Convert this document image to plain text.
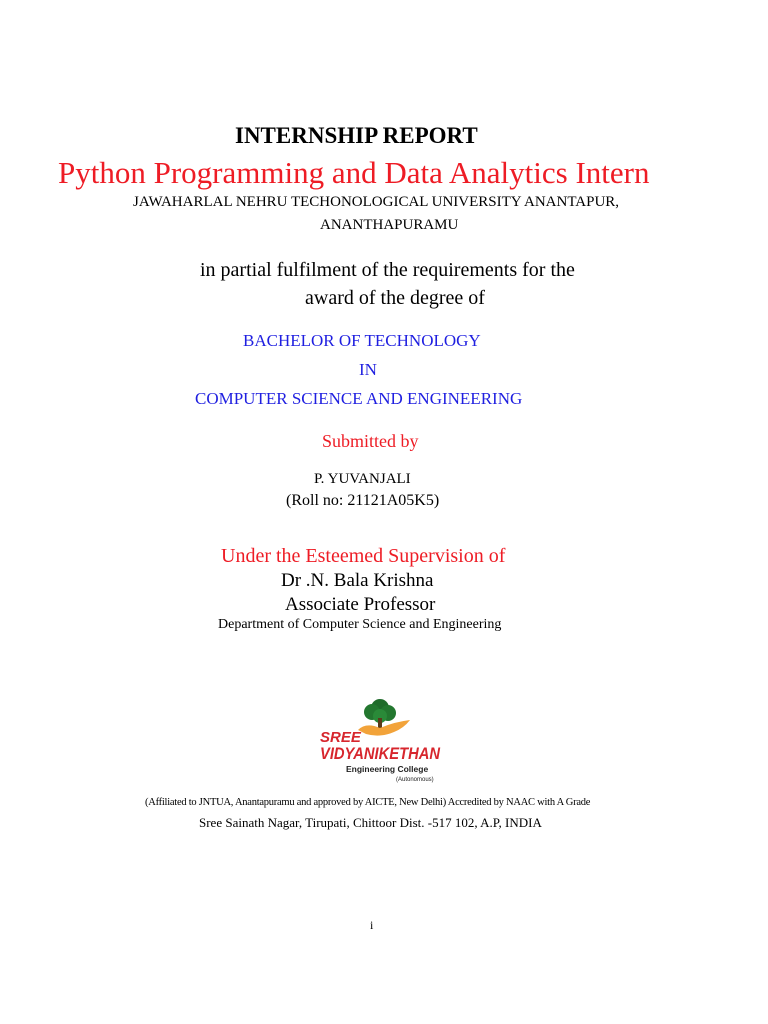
INTERNSHIP REPORT
Python Programming and Data Analytics Intern
JAWAHARLAL NEHRU TECHONOLOGICAL UNIVERSITY ANANTAPUR,
ANANTHAPURAMU
in partial fulfilment of the requirements for the
award of the degree of
BACHELOR OF TECHNOLOGY
IN
COMPUTER SCIENCE AND ENGINEERING
Submitted by
P. YUVANJALI
(Roll no: 21121A05K5)
Under the Esteemed Supervision of
Dr .N. Bala Krishna
Associate Professor
Department of Computer Science and Engineering
SREE
VIDYANIKETHAN
Engineering College
(Autonomous)
(Affiliated to JNTUA, Anantapuramu and approved by AICTE, New Delhi) Accredited by NAAC with A Grade
Sree Sainath Nagar, Tirupati, Chittoor Dist. -517 102, A.P, INDIA
i
